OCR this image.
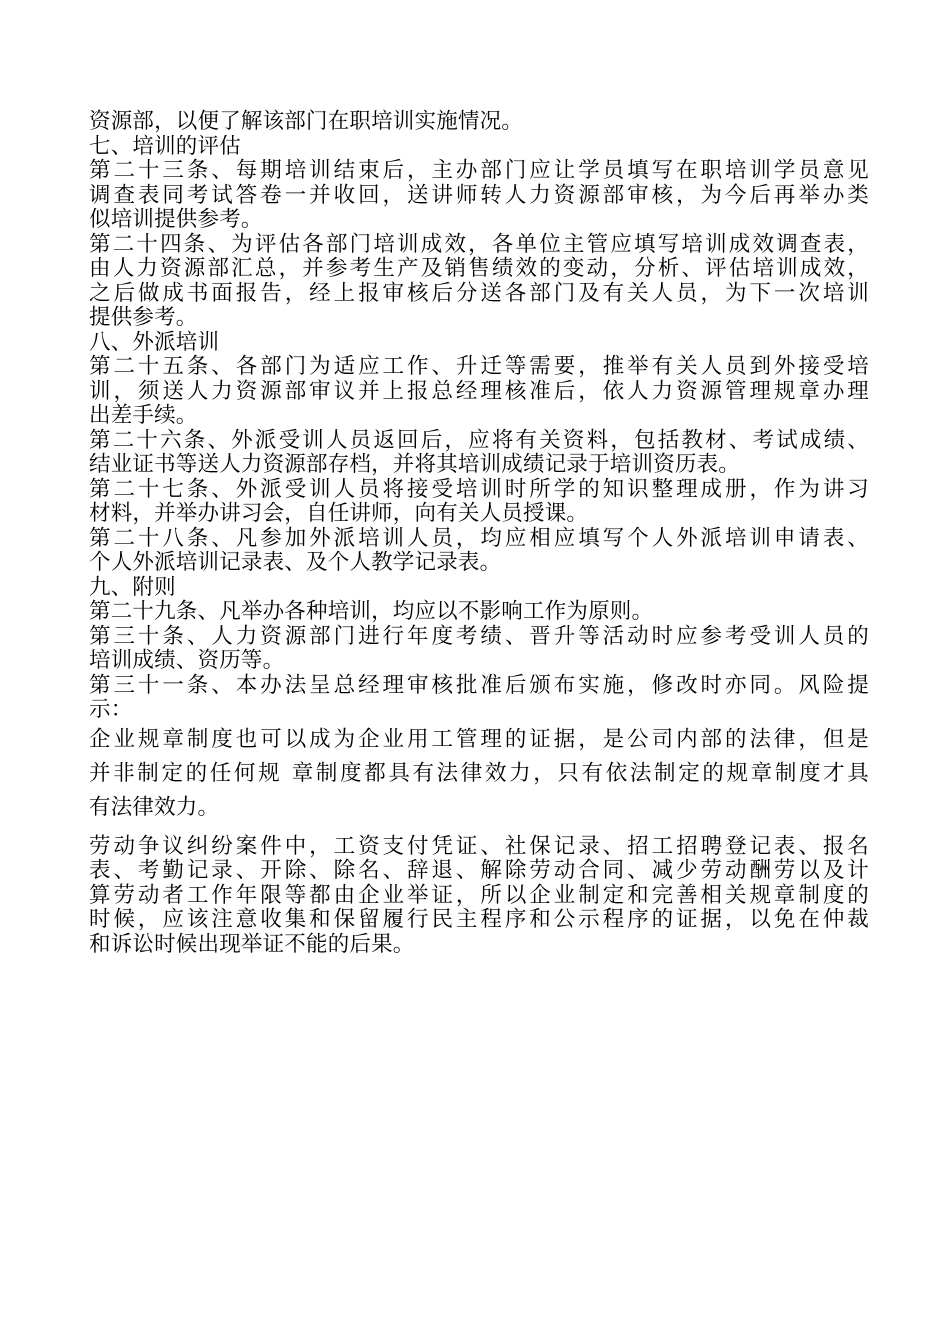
资源部，以便了解该部门在职培训实施情况。
七、培训的评估
第二十三条、每期培训结束后，主办部门应让学员填写在职培训学员意见
调查表同考试答卷一并收回，送讲师转人力资源部审核，为今后再举办类
似培训提供参考。
第二十四条、为评估各部门培训成效，各单位主管应填写培训成效调查表，
由人力资源部汇总，并参考生产及销售绩效的变动，分析、评估培训成效，
之后做成书面报告，经上报审核后分送各部门及有关人员，为下一次培训
提供参考。
八、外派培训
第二十五条、各部门为适应工作、升迁等需要，推举有关人员到外接受培
训，须送人力资源部审议并上报总经理核准后，依人力资源管理规章办理
出差手续。
第二十六条、外派受训人员返回后，应将有关资料，包括教材、考试成绩、
结业证书等送人力资源部存档，并将其培训成绩记录于培训资历表。
第二十七条、外派受训人员将接受培训时所学的知识整理成册，作为讲习
材料，并举办讲习会，自任讲师，向有关人员授课。
第二十八条、凡参加外派培训人员，均应相应填写个人外派培训申请表、
个人外派培训记录表、及个人教学记录表。
九、附则
第二十九条、凡举办各种培训，均应以不影响工作为原则。
第三十条、人力资源部门进行年度考绩、晋升等活动时应参考受训人员的
培训成绩、资历等。
第三十一条、本办法呈总经理审核批准后颁布实施，修改时亦同。风险提
示：
企业规章制度也可以成为企业用工管理的证据，是公司内部的法律，但是
并非制定的任何规 章制度都具有法律效力，只有依法制定的规章制度才具
有法律效力。
劳动争议纠纷案件中，工资支付凭证、社保记录、招工招聘登记表、报名
表、考勤记录、开除、除名、辞退、解除劳动合同、减少劳动酬劳以及计
算劳动者工作年限等都由企业举证，所以企业制定和完善相关规章制度的
时候，应该注意收集和保留履行民主程序和公示程序的证据，以免在仲裁
和诉讼时候出现举证不能的后果。
